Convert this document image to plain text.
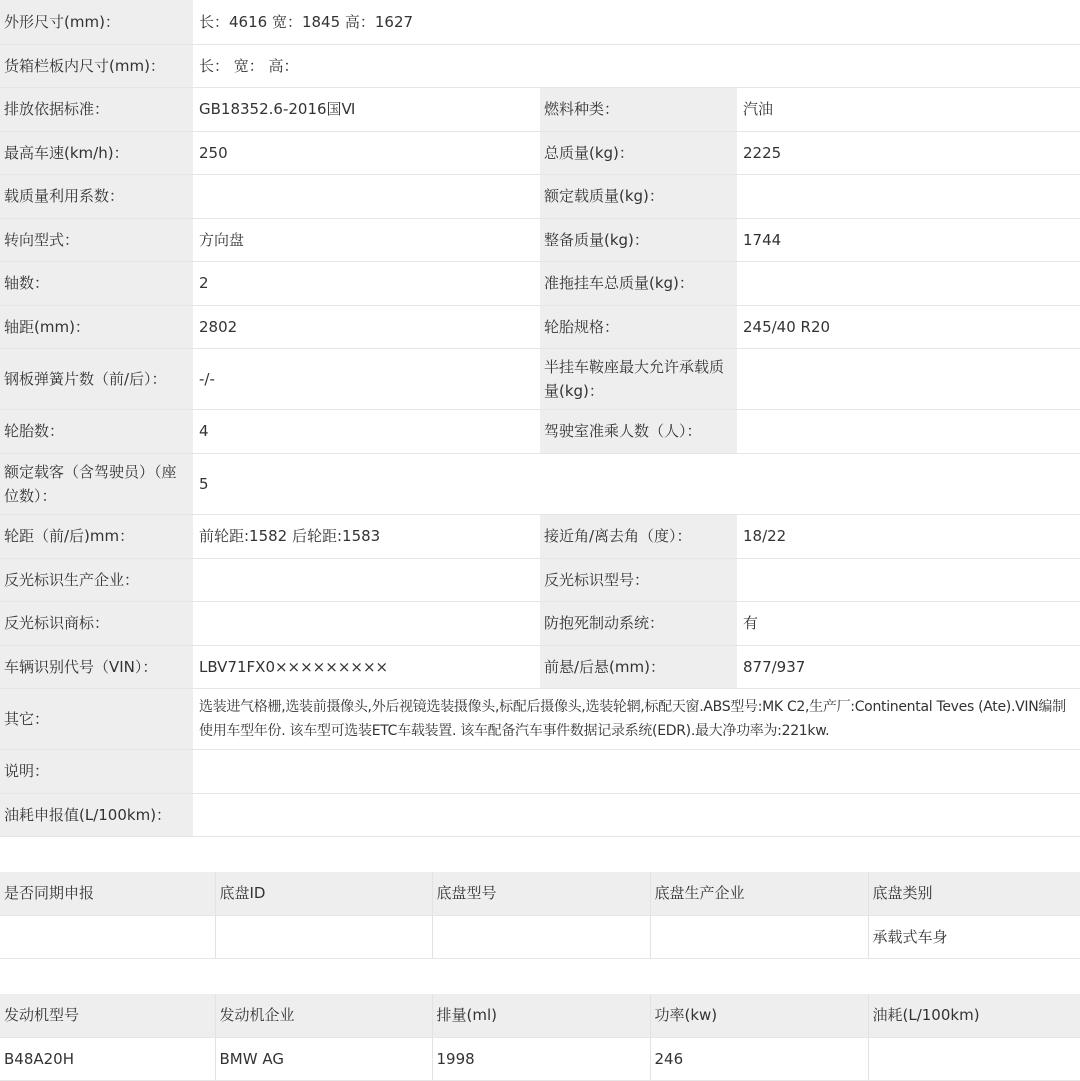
外形尺寸(mm)：	长：4616 宽：1845 高：1627		
货箱栏板内尺寸(mm)：	长： 宽： 高：		
排放依据标准：	GB18352.6-2016国Ⅵ	燃料种类：	汽油
最高车速(km/h)：	250	总质量(kg)：	2225
载质量利用系数：		额定载质量(kg)：	
转向型式：	方向盘	整备质量(kg)：	1744
轴数：	2	准拖挂车总质量(kg)：	
轴距(mm)：	2802	轮胎规格：	245/40 R20
钢板弹簧片数（前/后）：	-/-	半挂车鞍座最大允许承载质量(kg)：	
轮胎数：	4	驾驶室准乘人数（人）：	
额定载客（含驾驶员）（座位数）：	5		
轮距（前/后)mm：	前轮距:1582 后轮距:1583	接近角/离去角（度）：	18/22
反光标识生产企业：		反光标识型号：	
反光标识商标：		防抱死制动系统：	有
车辆识别代号（VIN）：	LBV71FX0×××××××××	前悬/后悬(mm)：	877/937
其它：	选装进气格栅,选装前摄像头,外后视镜选装摄像头,标配后摄像头,选装轮辋,标配天窗.ABS型号:MK C2,生产厂:Continental Teves (Ate).VIN编制使用车型年份. 该车型可选装ETC车载装置. 该车配备汽车事件数据记录系统(EDR).最大净功率为:221kw.		
说明：			
油耗申报值(L/100km)：			
是否同期申报	底盘ID	底盘型号	底盘生产企业	底盘类别
				承载式车身
发动机型号	发动机企业	排量(ml)	功率(kw)	油耗(L/100km)
B48A20H	BMW AG	1998	246	
